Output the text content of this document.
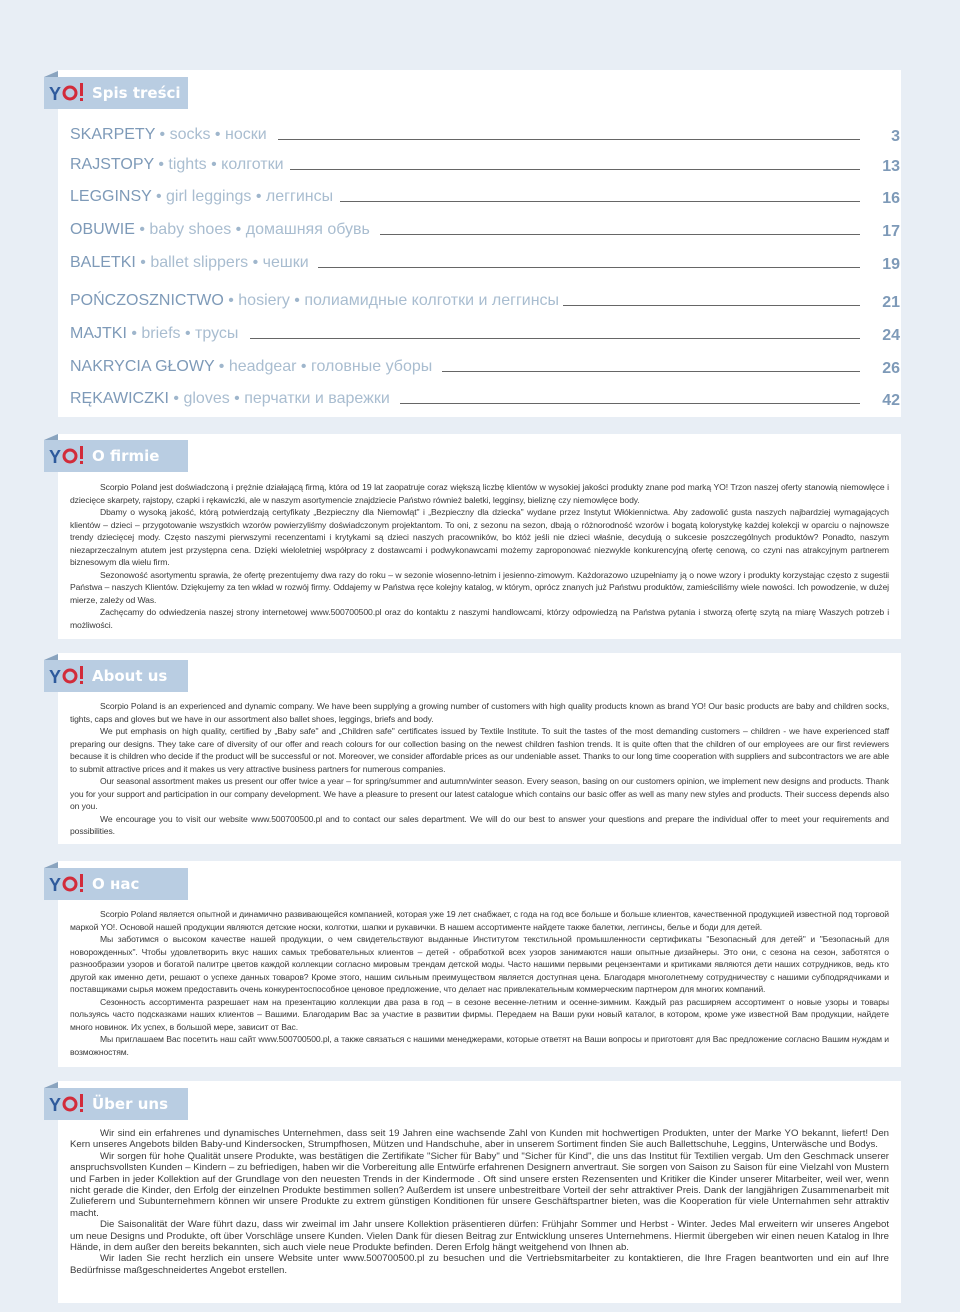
Y Spis treści
SKARPETY • socks • носки	3
RAJSTOPY • tights • колготки	13
LEGGINSY • girl leggings • леггинсы	16
OBUWIE • baby shoes • домашняя обувь	17
BALETKI • ballet slippers • чешки	19
POŃCZOSZNICTWO • hosiery • полиамидные колготки и леггинсы	21
MAJTKI • briefs • трусы	24
NAKRYCIA GŁOWY • headgear • головные уборы	26
RĘKAWICZKI • gloves • перчатки и варежки	42
Y O firmie

Scorpio Poland jest doświadczoną i prężnie działającą firmą, która od 19 lat zaopatruje coraz większą liczbę klientów w wysokiej jakości produkty znane pod marką YO! Trzon naszej oferty stanowią niemowlęce i dziecięce skarpety, rajstopy, czapki i rękawiczki, ale w naszym asortymencie znajdziecie Państwo również baletki, legginsy, bieliznę czy niemowlęce body.

Dbamy o wysoką jakość, którą potwierdzają certyfikaty „Bezpieczny dla Niemowląt" i „Bezpieczny dla dziecka" wydane przez Instytut Włókiennictwa. Aby zadowolić gusta naszych najbardziej wymagających klientów – dzieci – przygotowanie wszystkich wzorów powierzyliśmy doświadczonym projektantom. To oni, z sezonu na sezon, dbają o różnorodność wzorów i bogatą kolorystykę każdej kolekcji w oparciu o najnowsze trendy dziecięcej mody. Często naszymi pierwszymi recenzentami i krytykami są dzieci naszych pracowników, bo któż jeśli nie dzieci właśnie, decydują o sukcesie poszczególnych produktów? Ponadto, naszym niezaprzeczalnym atutem jest przystępna cena. Dzięki wieloletniej współpracy z dostawcami i podwykonawcami możemy zaproponować niezwykle konkurencyjną ofertę cenową, co czyni nas atrakcyjnym partnerem biznesowym dla wielu firm.

Sezonowość asortymentu sprawia, że ofertę prezentujemy dwa razy do roku – w sezonie wiosenno-letnim i jesienno-zimowym. Każdorazowo uzupełniamy ją o nowe wzory i produkty korzystając często z sugestii Państwa – naszych Klientów. Dziękujemy za ten wkład w rozwój firmy. Oddajemy w Państwa ręce kolejny katalog, w którym, oprócz znanych już Państwu produktów, zamieściliśmy wiele nowości. Ich powodzenie, w dużej mierze, zależy od Was.

Zachęcamy do odwiedzenia naszej strony internetowej www.500700500.pl oraz do kontaktu z naszymi handlowcami, którzy odpowiedzą na Państwa pytania i stworzą ofertę szytą na miarę Waszych potrzeb i możliwości.

Y About us

Scorpio Poland is an experienced and dynamic company. We have been supplying a growing number of customers with high quality products known as brand YO! Our basic products are baby and children socks, tights, caps and gloves but we have in our assortment also ballet shoes, leggings, briefs and body.

We put emphasis on high quality, certified by „Baby safe" and „Children safe" certificates issued by Textile Institute. To suit the tastes of the most demanding customers – children - we have experienced staff preparing our designs. They take care of diversity of our offer and reach colours for our collection basing on the newest children fashion trends. It is quite often that the children of our employees are our first reviewers because it is children who decide if the product will be successful or not. Moreover, we consider affordable prices as our undeniable asset. Thanks to our long time cooperation with suppliers and subcontractors we are able to submit attractive prices and it makes us very attractive business partners for numerous companies.

Our seasonal assortment makes us present our offer twice a year – for spring/summer and autumn/winter season. Every season, basing on our customers opinion, we implement new designs and products. Thank you for your support and participation in our company development. We have a pleasure to present our latest catalogue which contains our basic offer as well as many new styles and products. Their success depends also on you.

We encourage you to visit our website www.500700500.pl and to contact our sales department. We will do our best to answer your questions and prepare the individual offer to meet your requirements and possibilities.

Y О нас

Scorpio Poland является опытной и динамично развивающейся компанией, которая уже 19 лет снабжает, с года на год все больше и больше клиентов, качественной продукцией известной под торговой маркой YO!. Основой нашей продукции являются детские носки, колготки, шапки и рукавички. В нашем ассортименте найдете также балетки, леггинсы, белье и боди для детей.

Мы заботимся о высоком качестве нашей продукции, о чем свидетельствуют выданные Институтом текстильной промышленности сертификаты "Безопасный для детей" и "Безопасный для новорожденных". Чтобы удовлетворить вкус наших самых требовательных клиентов – детей - обработкой всех узоров занимаются наши опытные дизайнеры. Это они, с сезона на сезон, заботятся о разнообразии узоров и богатой палитре цветов каждой коллекции согласно мировым трендам детской моды. Часто нашими первыми рецензентами и критиками являются дети наших сотрудников, ведь кто другой как именно дети, решают о успехе данных товаров? Кроме этого, нашим сильным преимуществом является доступная цена. Благодаря многолетнему сотрудничеству с нашими субподрядчиками и поставщиками сырья можем предоставить очень конкурентоспособное ценовое предложение, что делает нас привлекательным коммерческим партнером для многих компаний.

Сезонность ассортимента разрешает нам на презентацию коллекции два раза в год – в сезоне весенне-летним и осенне-зимним. Каждый раз расширяем ассортимент о новые узоры и товары пользуясь часто подсказками наших клиентов – Вашими. Благодарим Вас за участие в развитии фирмы. Передаем на Ваши руки новый каталог, в котором, кроме уже известной Вам продукции, найдете много новинок. Их успех, в большой мере, зависит от Вас.

Мы приглашаем Вас посетить наш сайт www.500700500.pl, а также связаться с нашими менеджерами, которые ответят на Ваши вопросы и приготовят для Вас предложение согласно Вашим нуждам и возможностям.

Y Über uns

Wir sind ein erfahrenes und dynamisches Unternehmen, dass seit 19 Jahren eine wachsende Zahl von Kunden mit hochwertigen Produkten, unter der Marke YO bekannt, liefert! Den Kern unseres Angebots bilden Baby-und Kindersocken, Strumpfhosen, Mützen und Handschuhe, aber in unserem Sortiment finden Sie auch Ballettschuhe, Leggins, Unterwäsche und Bodys.

Wir sorgen für hohe Qualität unsere Produkte, was bestätigen die Zertifikate "Sicher für Baby" und "Sicher für Kind", die uns das Institut für Textilien vergab. Um den Geschmack unserer anspruchsvollsten Kunden – Kindern – zu befriedigen, haben wir die Vorbereitung alle Entwürfe erfahrenen Designern anvertraut. Sie sorgen von Saison zu Saison für eine Vielzahl von Mustern und Farben in jeder Kollektion auf der Grundlage von den neuesten Trends in der Kindermode . Oft sind unsere ersten Rezensenten und Kritiker die Kinder unserer Mitarbeiter, weil wer, wenn nicht gerade die Kinder, den Erfolg der einzelnen Produkte bestimmen sollen? Außerdem ist unsere unbestreitbare Vorteil der sehr attraktiver Preis. Dank der langjährigen Zusammenarbeit mit Zulieferern und Subunternehmern können wir unsere Produkte zu extrem günstigen Konditionen für unsere Geschäftspartner bieten, was die Kooperation für viele Unternahmen sehr attraktiv macht.

Die Saisonalität der Ware führt dazu, dass wir zweimal im Jahr unsere Kollektion präsentieren dürfen: Frühjahr Sommer und Herbst - Winter. Jedes Mal erweitern wir unseres Angebot um neue Designs und Produkte, oft über Vorschläge unsere Kunden. Vielen Dank für diesen Beitrag zur Entwicklung unseres Unternehmens. Hiermit übergeben wir einen neuen Katalog in Ihre Hände, in dem außer den bereits bekannten, sich auch viele neue Produkte befinden. Deren Erfolg hängt weitgehend von Ihnen ab.

Wir laden Sie recht herzlich ein unsere Website unter www.500700500.pl zu besuchen und die Vertriebsmitarbeiter zu kontaktieren, die Ihre Fragen beantworten und ein auf Ihre Bedürfnisse maßgeschneidertes Angebot erstellen.
